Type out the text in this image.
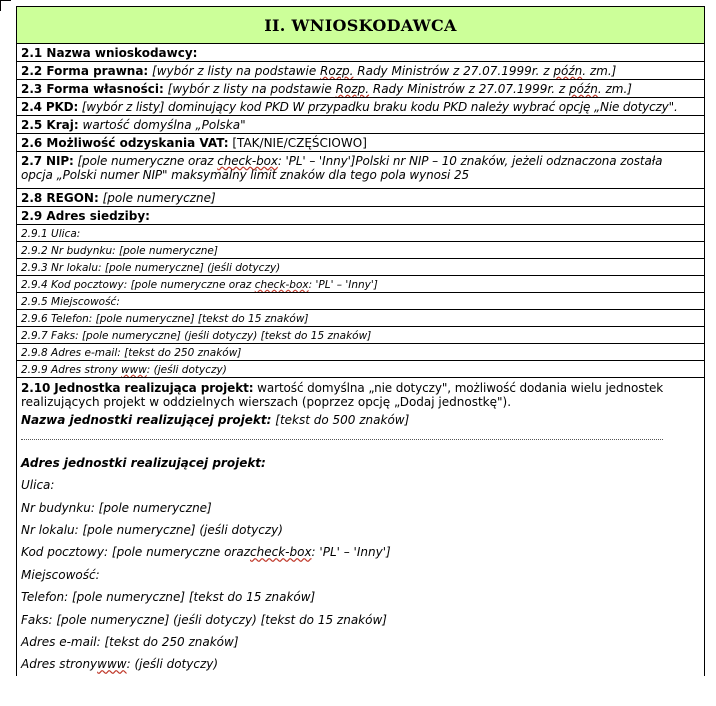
II. WNIOSKODAWCA
2.1 Nazwa wnioskodawcy:
2.2 Forma prawna: [wybór z listy na podstawie Rozp. Rady Ministrów z 27.07.1999r. z późn. zm.]
2.3 Forma własności: [wybór z listy na podstawie Rozp. Rady Ministrów z 27.07.1999r. z późn. zm.]
2.4 PKD: [wybór z listy] dominujący kod PKD W przypadku braku kodu PKD należy wybrać opcję „Nie dotyczy".
2.5 Kraj: wartość domyślna „Polska"
2.6 Możliwość odzyskania VAT: [TAK/NIE/CZĘŚCIOWO]
2.7 NIP: [pole numeryczne oraz check-box: 'PL' – 'Inny']Polski nr NIP – 10 znaków, jeżeli odznaczona została
opcja „Polski numer NIP" maksymalny limit znaków dla tego pola wynosi 25
2.8 REGON: [pole numeryczne]
2.9 Adres siedziby:
2.9.1 Ulica:
2.9.2 Nr budynku: [pole numeryczne]
2.9.3 Nr lokalu: [pole numeryczne] (jeśli dotyczy)
2.9.4 Kod pocztowy: [pole numeryczne oraz check-box: 'PL' – 'Inny']
2.9.5 Miejscowość:
2.9.6 Telefon: [pole numeryczne] [tekst do 15 znaków]
2.9.7 Faks: [pole numeryczne] (jeśli dotyczy) [tekst do 15 znaków]
2.9.8 Adres e-mail: [tekst do 250 znaków]
2.9.9 Adres strony www: (jeśli dotyczy)
2.10 Jednostka realizująca projekt: wartość domyślna „nie dotyczy", możliwość dodania wielu jednostek
realizujących projekt w oddzielnych wierszach (poprzez opcję „Dodaj jednostkę").
Nazwa jednostki realizującej projekt: [tekst do 500 znaków]
Adres jednostki realizującej projekt:
Ulica:
Nr budynku: [pole numeryczne]
Nr lokalu: [pole numeryczne] (jeśli dotyczy)
Kod pocztowy: [pole numeryczne oraz check-box : 'PL' – 'Inny']
Miejscowość:
Telefon: [pole numeryczne] [tekst do 15 znaków]
Faks: [pole numeryczne] (jeśli dotyczy) [tekst do 15 znaków]
Adres e-mail: [tekst do 250 znaków]
Adres strony www : (jeśli dotyczy)
